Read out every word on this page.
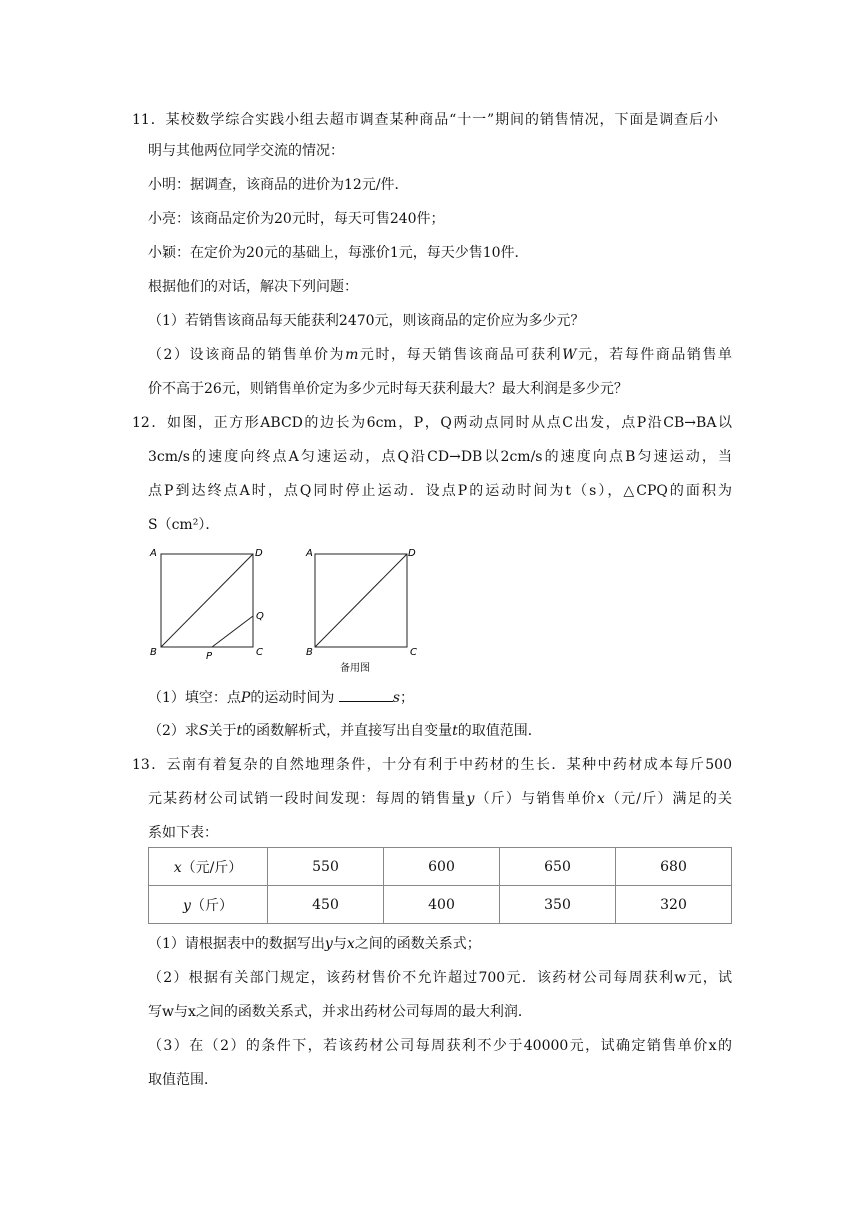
11．某校数学综合实践小组去超市调查某种商品“十一”期间的销售情况，下面是调查后小
明与其他两位同学交流的情况：
小明：据调查，该商品的进价为12元/件．
小亮：该商品定价为20元时，每天可售240件；
小颖：在定价为20元的基础上，每涨价1元，每天少售10件．
根据他们的对话，解决下列问题：
（1）若销售该商品每天能获利2470元，则该商品的定价应为多少元？
（2）设该商品的销售单价为m元时，每天销售该商品可获利W元，若每件商品销售单
价不高于26元，则销售单价定为多少元时每天获利最大？最大利润是多少元？
12．如图，正方形ABCD的边长为6cm，P，Q两动点同时从点C出发，点P沿CB→BA以
3cm/s的速度向终点A匀速运动，点Q沿CD→DB以2cm/s的速度向点B匀速运动，当
点P到达终点A时，点Q同时停止运动．设点P的运动时间为t（s），△CPQ的面积为
S（cm²）．
A	D
B	C
P
Q
A	D
B	C
备用图
（1）填空：点P的运动时间为	s；
（2）求S关于t的函数解析式，并直接写出自变量t的取值范围．
13．云南有着复杂的自然地理条件，十分有利于中药材的生长．某种中药材成本每斤500
元某药材公司试销一段时间发现：每周的销售量y（斤）与销售单价x（元/斤）满足的关
系如下表：
x（元/斤）	550	600	650	680
y（斤）	450	400	350	320
（1）请根据表中的数据写出y与x之间的函数关系式；
（2）根据有关部门规定，该药材售价不允许超过700元．该药材公司每周获利w元，试
写w与x之间的函数关系式，并求出药材公司每周的最大利润．
（3）在（2）的条件下，若该药材公司每周获利不少于40000元，试确定销售单价x的
取值范围．
